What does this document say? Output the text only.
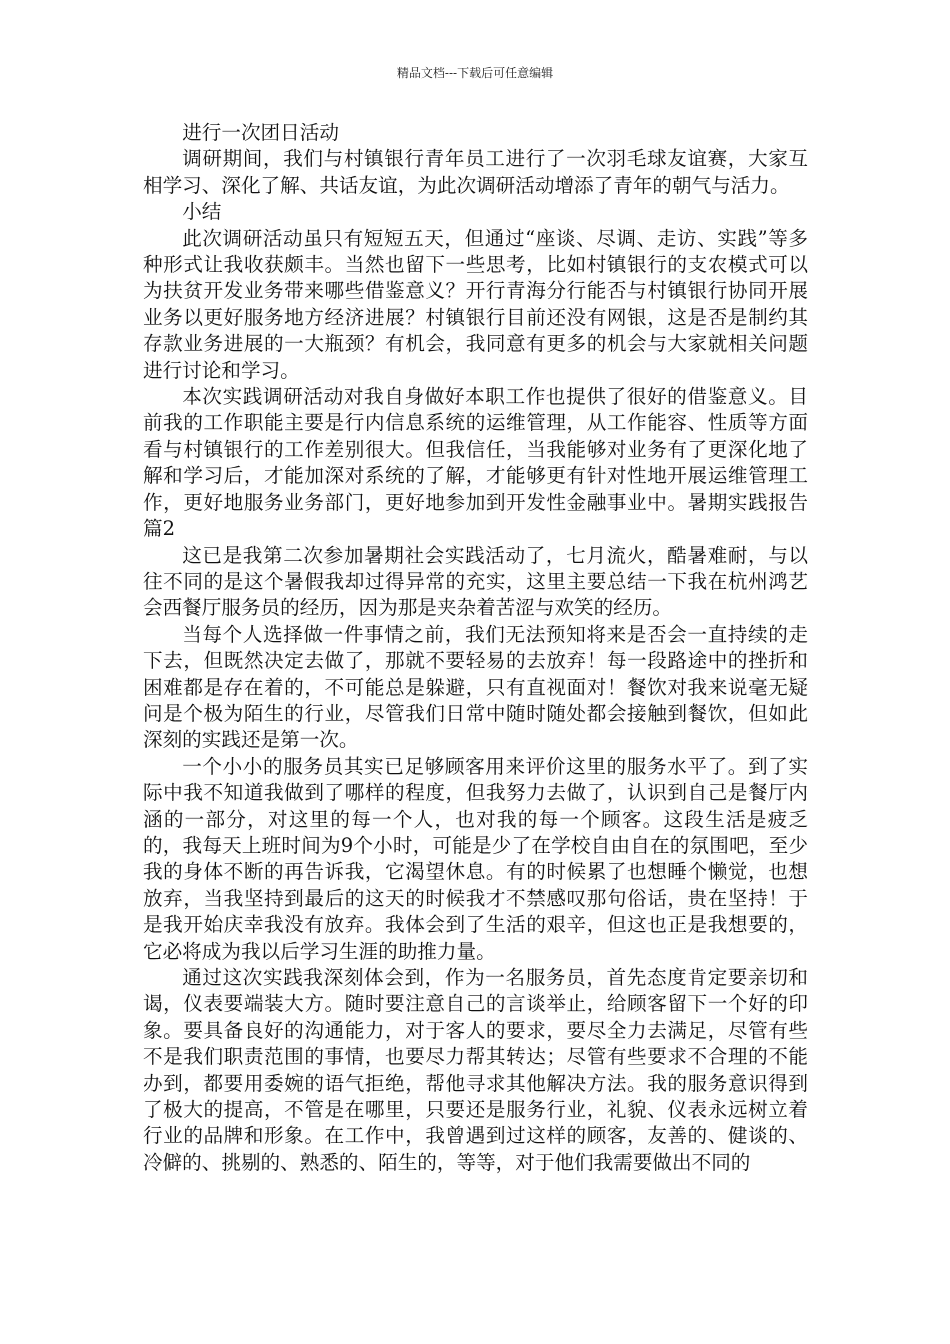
精品文档---下载后可任意编辑

进行一次团日活动

调研期间，我们与村镇银行青年员工进行了一次羽毛球友谊赛，大家互相学习、深化了解、共话友谊，为此次调研活动增添了青年的朝气与活力。

小结

此次调研活动虽只有短短五天，但通过“座谈、尽调、走访、实践”等多种形式让我收获颇丰。当然也留下一些思考，比如村镇银行的支农模式可以为扶贫开发业务带来哪些借鉴意义？开行青海分行能否与村镇银行协同开展业务以更好服务地方经济进展？村镇银行目前还没有网银，这是否是制约其存款业务进展的一大瓶颈？有机会，我同意有更多的机会与大家就相关问题进行讨论和学习。

本次实践调研活动对我自身做好本职工作也提供了很好的借鉴意义。目前我的工作职能主要是行内信息系统的运维管理，从工作能容、性质等方面看与村镇银行的工作差别很大。但我信任，当我能够对业务有了更深化地了解和学习后，才能加深对系统的了解，才能够更有针对性地开展运维管理工作，更好地服务业务部门，更好地参加到开发性金融事业中。暑期实践报告 篇2

这已是我第二次参加暑期社会实践活动了，七月流火，酷暑难耐，与以往不同的是这个暑假我却过得异常的充实，这里主要总结一下我在杭州鸿艺会西餐厅服务员的经历，因为那是夹杂着苦涩与欢笑的经历。

当每个人选择做一件事情之前，我们无法预知将来是否会一直持续的走下去，但既然决定去做了，那就不要轻易的去放弃！每一段路途中的挫折和困难都是存在着的，不可能总是躲避，只有直视面对！餐饮对我来说毫无疑问是个极为陌生的行业，尽管我们日常中随时随处都会接触到餐饮，但如此深刻的实践还是第一次。

一个小小的服务员其实已足够顾客用来评价这里的服务水平了。到了实际中我不知道我做到了哪样的程度，但我努力去做了，认识到自己是餐厅内涵的一部分，对这里的每一个人，也对我的每一个顾客。这段生活是疲乏的，我每天上班时间为9个小时，可能是少了在学校自由自在的氛围吧，至少我的身体不断的再告诉我，它渴望休息。有的时候累了也想睡个懒觉，也想放弃，当我坚持到最后的这天的时候我才不禁感叹那句俗话，贵在坚持！于是我开始庆幸我没有放弃。我体会到了生活的艰辛，但这也正是我想要的，它必将成为我以后学习生涯的助推力量。

通过这次实践我深刻体会到，作为一名服务员，首先态度肯定要亲切和谒，仪表要端装大方。随时要注意自己的言谈举止，给顾客留下一个好的印象。要具备良好的沟通能力，对于客人的要求，要尽全力去满足，尽管有些不是我们职责范围的事情，也要尽力帮其转达；尽管有些要求不合理的不能办到，都要用委婉的语气拒绝，帮他寻求其他解决方法。我的服务意识得到了极大的提高，不管是在哪里，只要还是服务行业，礼貌、仪表永远树立着行业的品牌和形象。在工作中，我曾遇到过这样的顾客，友善的、健谈的、冷僻的、挑剔的、熟悉的、陌生的，等等，对于他们我需要做出不同的
